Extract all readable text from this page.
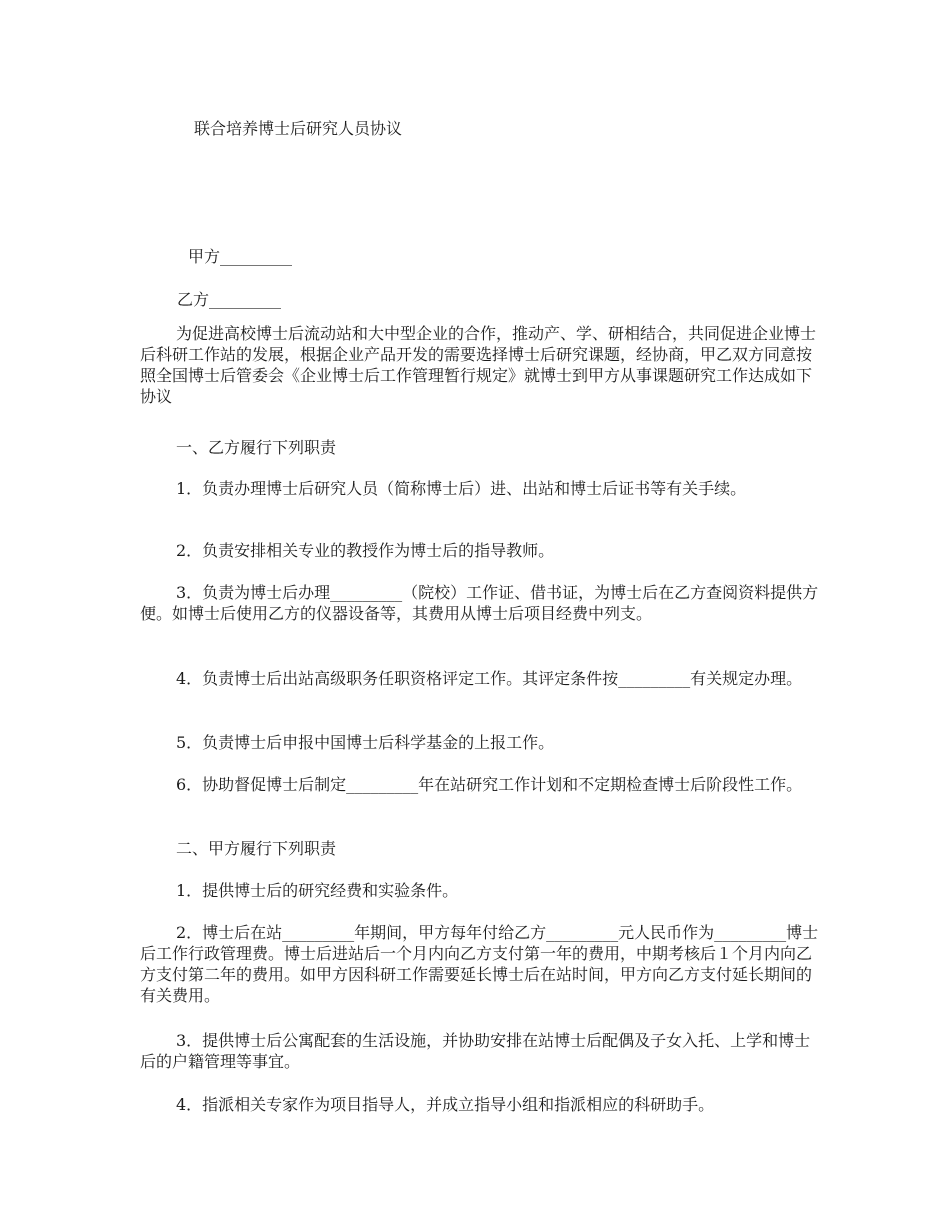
联合培养博士后研究人员协议
甲方_________
乙方_________
为促进高校博士后流动站和大中型企业的合作，推动产、学、研相结合，共同促进企业博士后科研工作站的发展，根据企业产品开发的需要选择博士后研究课题，经协商，甲乙双方同意按照全国博士后管委会《企业博士后工作管理暂行规定》就博士到甲方从事课题研究工作达成如下协议
一、乙方履行下列职责
1．负责办理博士后研究人员（简称博士后）进、出站和博士后证书等有关手续。
2．负责安排相关专业的教授作为博士后的指导教师。
3．负责为博士后办理_________（院校）工作证、借书证，为博士后在乙方查阅资料提供方便。如博士后使用乙方的仪器设备等，其费用从博士后项目经费中列支。
4．负责博士后出站高级职务任职资格评定工作。其评定条件按_________有关规定办理。
5．负责博士后申报中国博士后科学基金的上报工作。
6．协助督促博士后制定_________年在站研究工作计划和不定期检查博士后阶段性工作。
二、甲方履行下列职责
1．提供博士后的研究经费和实验条件。
2．博士后在站_________年期间，甲方每年付给乙方_________元人民币作为_________博士后工作行政管理费。博士后进站后一个月内向乙方支付第一年的费用，中期考核后１个月内向乙方支付第二年的费用。如甲方因科研工作需要延长博士后在站时间，甲方向乙方支付延长期间的有关费用。
3．提供博士后公寓配套的生活设施，并协助安排在站博士后配偶及子女入托、上学和博士后的户籍管理等事宜。
4．指派相关专家作为项目指导人，并成立指导小组和指派相应的科研助手。
